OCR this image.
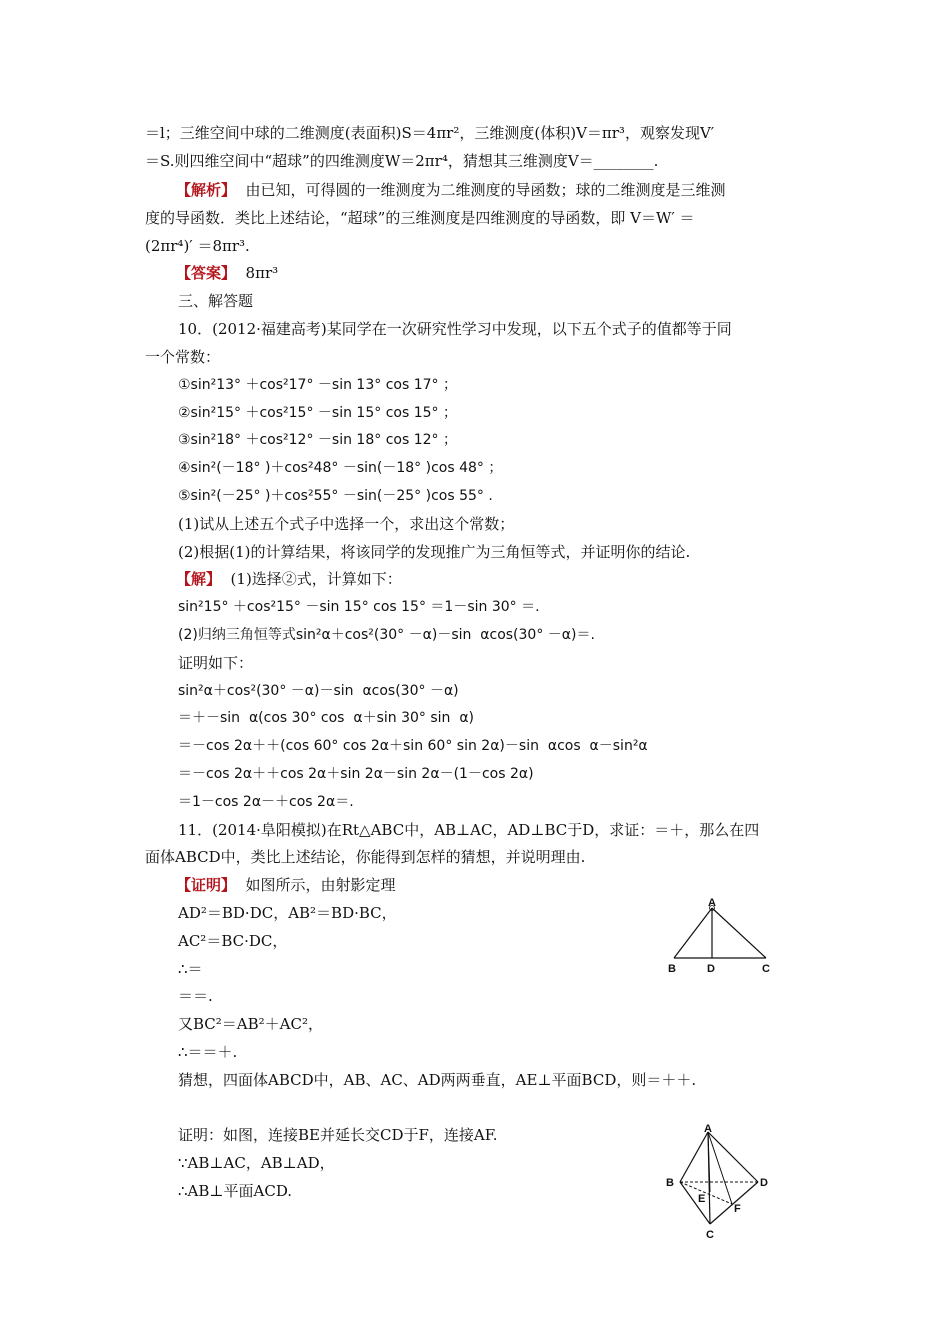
＝l；三维空间中球的二维测度(表面积)S＝4πr²，三维测度(体积)V＝πr³，观察发现V′
＝S.则四维空间中“超球”的四维测度W＝2πr⁴，猜想其三维测度V＝________.
【解析】  由已知，可得圆的一维测度为二维测度的导函数；球的二维测度是三维测
度的导函数．类比上述结论，“超球”的三维测度是四维测度的导函数，即 V＝W′ ＝
(2πr⁴)′ ＝8πr³.
【答案】  8πr³
三、解答题
10．(2012·福建高考)某同学在一次研究性学习中发现，以下五个式子的值都等于同
一个常数：
①sin²13° ＋cos²17° －sin 13° cos 17° ；
②sin²15° ＋cos²15° －sin 15° cos 15° ；
③sin²18° ＋cos²12° －sin 18° cos 12° ；
④sin²(－18° )＋cos²48° －sin(－18° )cos 48° ；
⑤sin²(－25° )＋cos²55° －sin(－25° )cos 55° .
(1)试从上述五个式子中选择一个，求出这个常数；
(2)根据(1)的计算结果，将该同学的发现推广为三角恒等式，并证明你的结论.
【解】  (1)选择②式，计算如下：
sin²15° ＋cos²15° －sin 15° cos 15° ＝1－sin 30° ＝.
(2)归纳三角恒等式sin²α＋cos²(30° －α)－sin  αcos(30° －α)＝.
证明如下：
sin²α＋cos²(30° －α)－sin  αcos(30° －α)
＝＋－sin  α(cos 30° cos  α＋sin 30° sin  α)
＝－cos 2α＋＋(cos 60° cos 2α＋sin 60° sin 2α)－sin  αcos  α－sin²α
＝－cos 2α＋＋cos 2α＋sin 2α－sin 2α－(1－cos 2α)
＝1－cos 2α－＋cos 2α＝.
11．(2014·阜阳模拟)在Rt△ABC中，AB⊥AC，AD⊥BC于D，求证：＝＋，那么在四
面体ABCD中，类比上述结论，你能得到怎样的猜想，并说明理由.
【证明】  如图所示，由射影定理
AD²＝BD·DC，AB²＝BD·BC，
AC²＝BC·DC，
∴＝
＝＝.
又BC²＝AB²＋AC²，
∴＝＝＋.
猜想，四面体ABCD中，AB、AC、AD两两垂直，AE⊥平面BCD，则＝＋＋.
证明：如图，连接BE并延长交CD于F，连接AF.
∵AB⊥AC，AB⊥AD，
∴AB⊥平面ACD.
A
B	D	C
A
B	D
E
F
C
